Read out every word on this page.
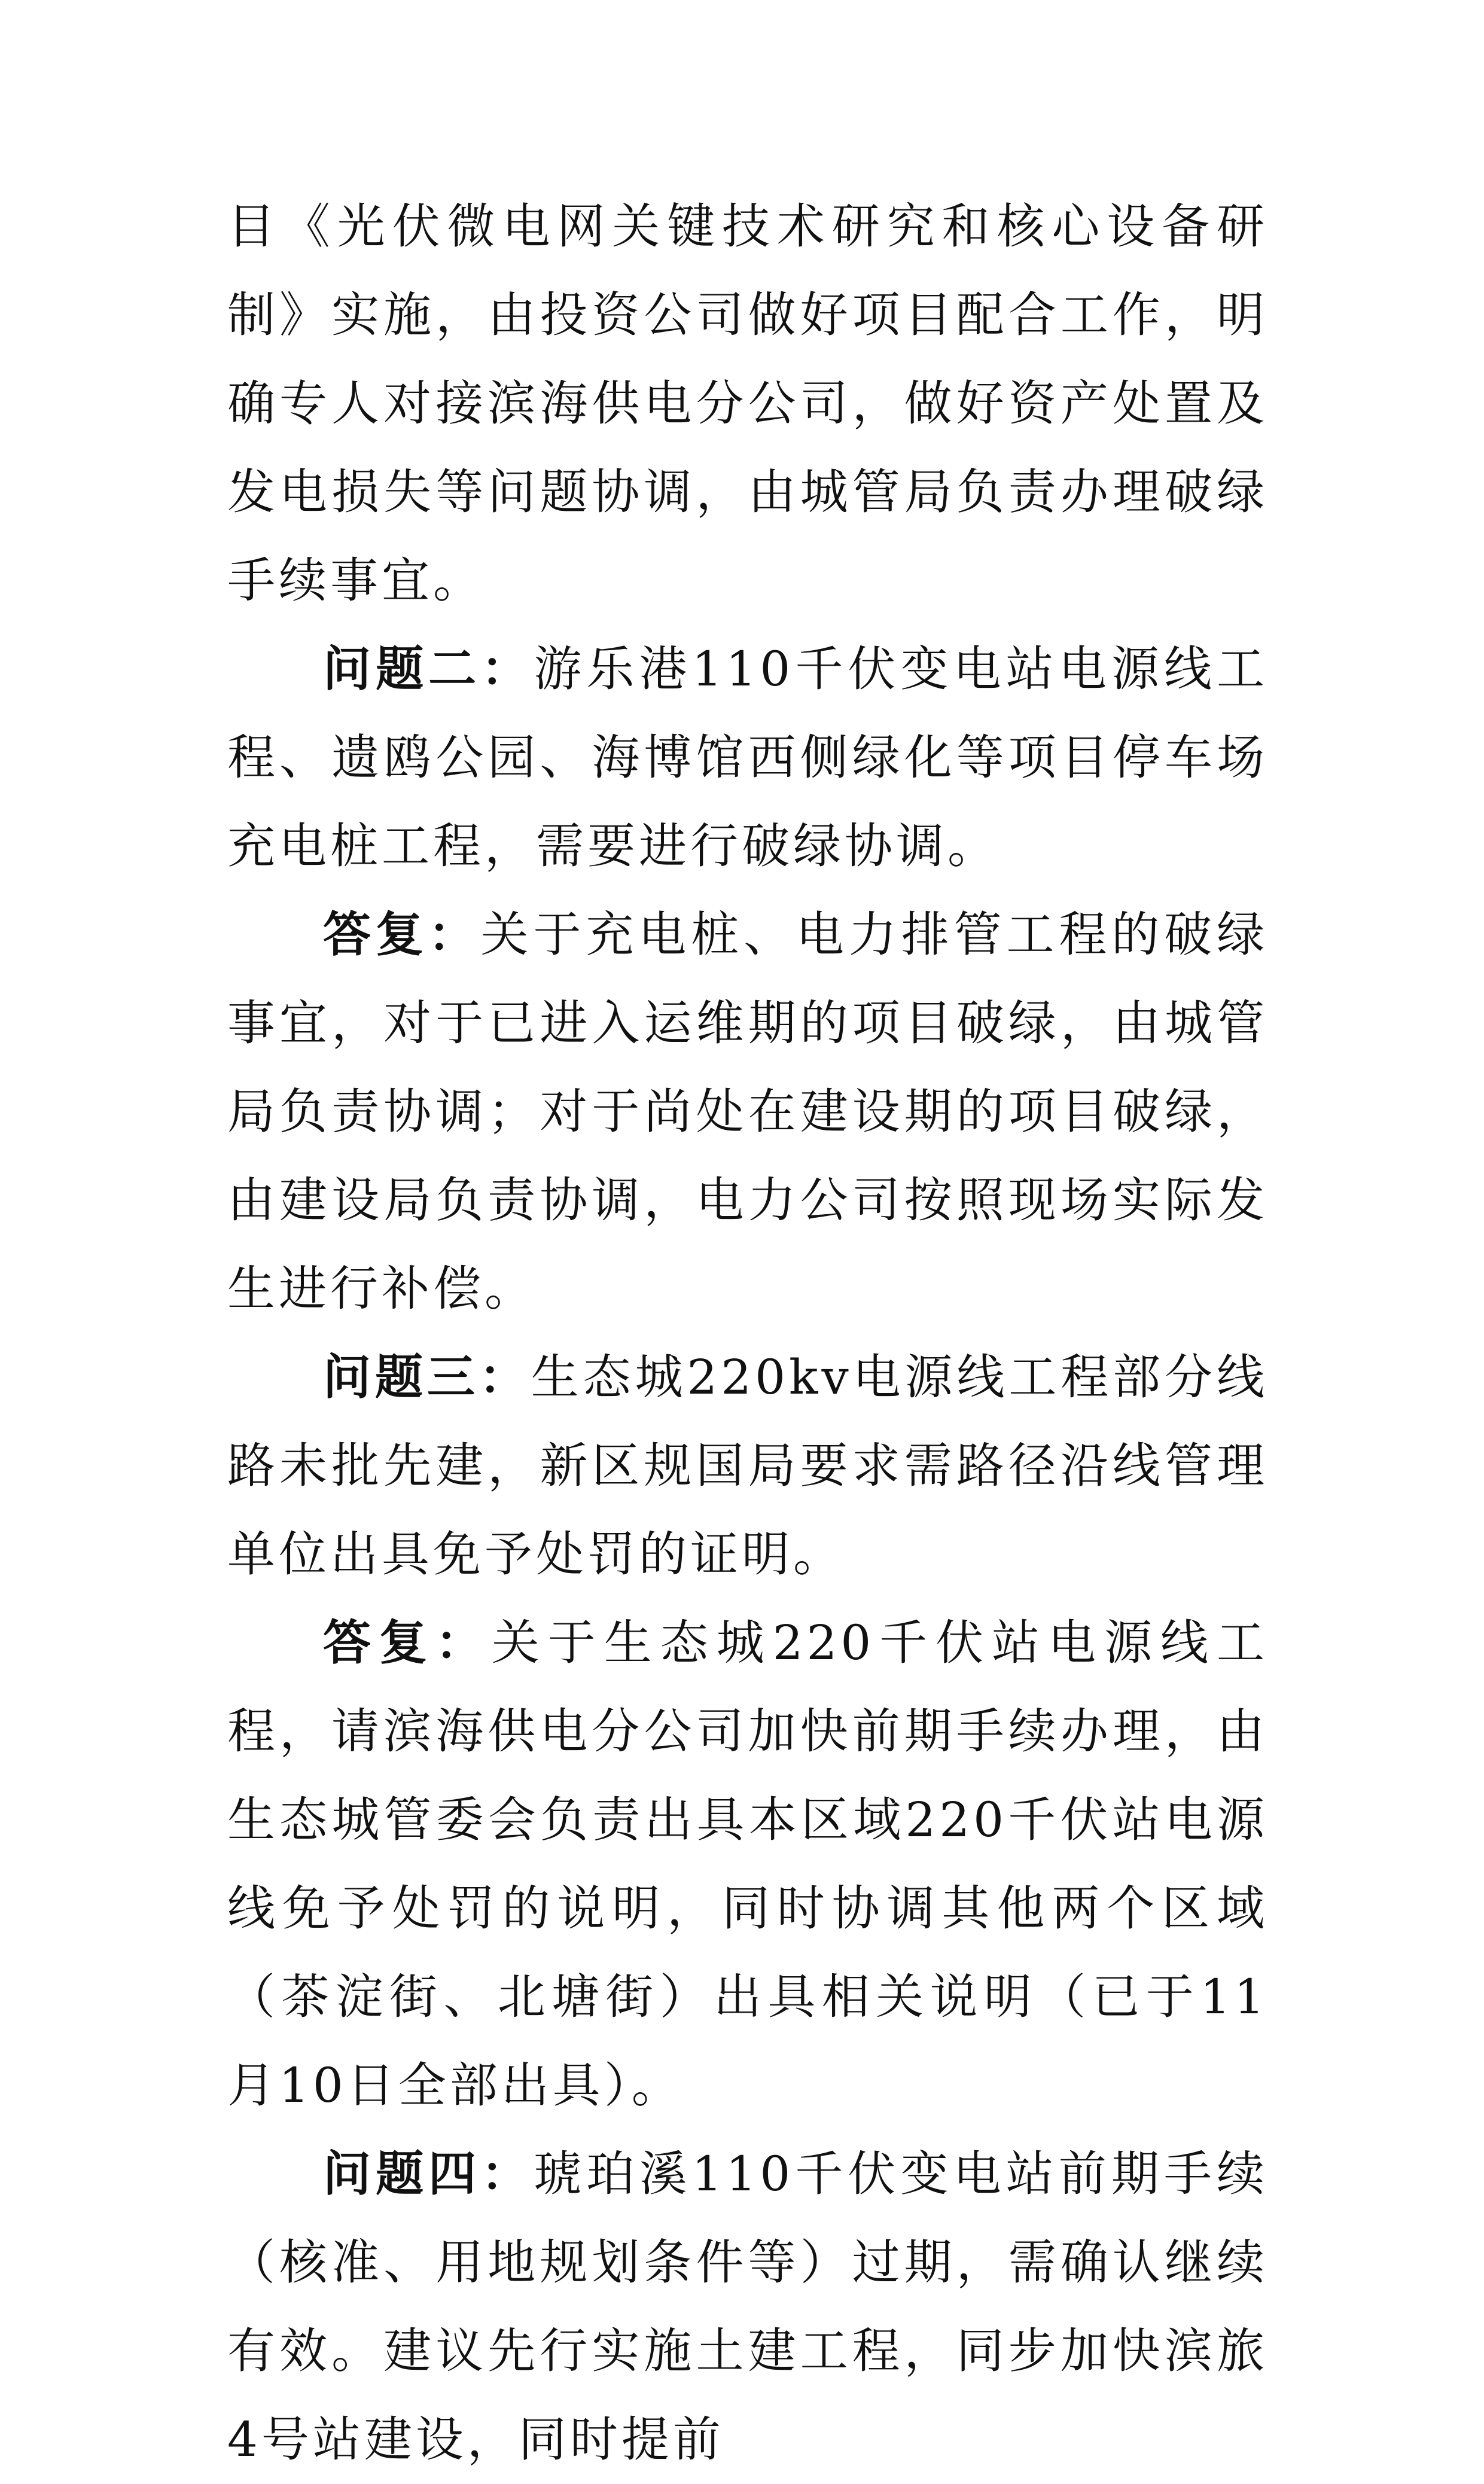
目《光伏微电网关键技术研究和核心设备研制》实施，由投资公司做好项目配合工作，明确专人对接滨海供电分公司，做好资产处置及发电损失等问题协调，由城管局负责办理破绿手续事宜。

问题二：游乐港110千伏变电站电源线工程、遗鸥公园、海博馆西侧绿化等项目停车场充电桩工程，需要进行破绿协调。

答复：关于充电桩、电力排管工程的破绿事宜，对于已进入运维期的项目破绿，由城管局负责协调；对于尚处在建设期的项目破绿，由建设局负责协调，电力公司按照现场实际发生进行补偿。

问题三：生态城220kv电源线工程部分线路未批先建，新区规国局要求需路径沿线管理单位出具免予处罚的证明。

答复：关于生态城220千伏站电源线工程，请滨海供电分公司加快前期手续办理，由生态城管委会负责出具本区域220千伏站电源线免予处罚的说明，同时协调其他两个区域（茶淀街、北塘街）出具相关说明（已于11月10日全部出具）。

问题四：琥珀溪110千伏变电站前期手续（核准、用地规划条件等）过期，需确认继续有效。建议先行实施土建工程，同步加快滨旅4号站建设，同时提前
